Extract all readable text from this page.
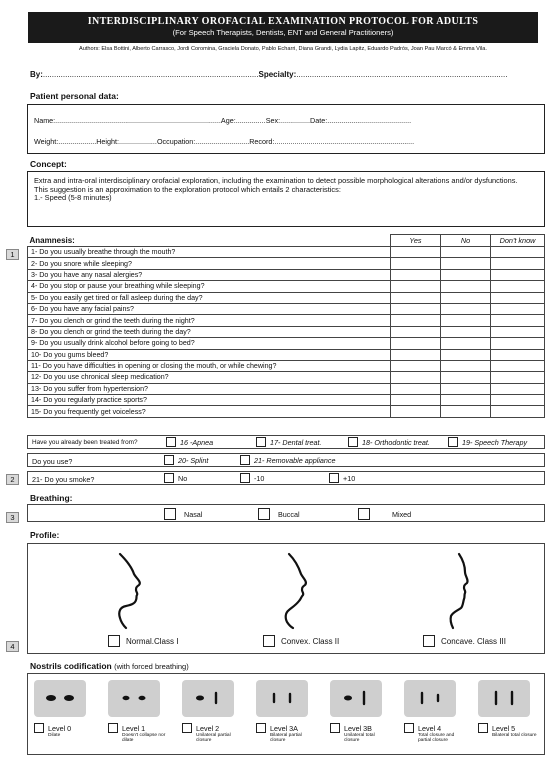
INTERDISCIPLINARY OROFACIAL EXAMINATION PROTOCOL FOR ADULTS
(For Speech Therapists, Dentists, ENT and General Practitioners)
Authors: Elsa Bottini, Alberto Carrasco, Jordi Coromina, Graciela Donato, Pablo Echarri, Diana Grandi, Lydia Lapitz, Eduardo Padrós, Joan Pau Marcó & Emma Vila.
By:.................................................................................................Specialty:...............................................................................................
Patient personal data:
Name:...................................................................................Age:...............Sex:...............Date:..........................................
Weight:...................Height:...................Occupation:...........................Record:......................................................................
Concept:
Extra and intra-oral interdisciplinary orofacial exploration, including the examination to detect possible morphological alterations and/or dysfunctions.
This suggestion is an approximation to the exploration protocol which entails 2 characteristics:
1.- Speed (5-8 minutes)
1
Anamnesis:	Yes	No	Don't know
1- Do you usually breathe through the mouth?			
2- Do you snore while sleeping?			
3- Do you have any nasal alergies?			
4- Do you stop or pause your breathing while sleeping?			
5- Do you easily get tired or fall asleep during the day?			
6- Do you have any facial pains?			
7- Do you clench or grind the teeth during the night?			
8- Do you clench or grind the teeth during the day?			
9- Do you usually drink alcohol before going to bed?			
10- Do you gums bleed?			
11- Do you have difficulties in opening or closing the mouth, or while chewing?			
12- Do you use chronical sleep medication?			
13- Do you suffer from hypertension?			
14- Do you regularly practice sports?			
15- Do you frequently get voiceless?			
Have you already been treated from?	16 -Apnea	17- Dental treat.	18- Orthodontic treat.	19- Speech Therapy
Do you use?	20- Splint	21- Removable appliance
2	21- Do you smoke?	No	-10	+10
Breathing:
3	Nasal	Buccal	Mixed
Profile:
4
Normal.Class I	Convex. Class II	Concave. Class III
Nostrils codification (with forced breathing)
Level 0
Dilate
Level 1
Doesn't collapse nor dilate
Level 2
Unilateral partial closure
Level 3A
Bilateral partial closure
Level 3B
Unilateral total closure
Level 4
Total closure and partial closure
Level 5
Bilateral total closure
